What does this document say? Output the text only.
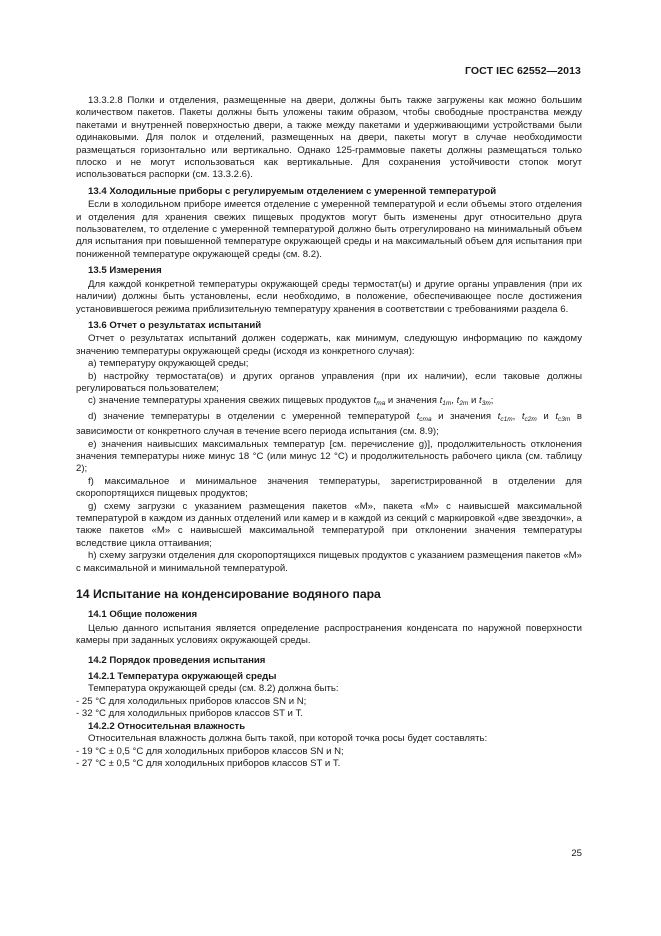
ГОСТ IEC 62552—2013

13.3.2.8 Полки и отделения, размещенные на двери, должны быть также загружены как можно большим количеством пакетов. Пакеты должны быть уложены таким образом, чтобы свободные пространства между пакетами и внутренней поверхностью двери, а также между пакетами и удерживающими устройствами были одинаковыми. Для полок и отделений, размещенных на двери, пакеты могут в случае необходимости размещаться горизонтально или вертикально. Однако 125-граммовые пакеты должны размещаться только плоско и не могут использоваться как вертикальные. Для сохранения устойчивости стопок могут использоваться распорки (см. 13.3.2.6).

13.4 Холодильные приборы с регулируемым отделением с умеренной температурой

Если в холодильном приборе имеется отделение с умеренной температурой и если объемы этого отделения и отделения для хранения свежих пищевых продуктов могут быть изменены друг относительно друга пользователем, то отделение с умеренной температурой должно быть отрегулировано на минимальный объем для испытания при повышенной температуре окружающей среды и на максимальный объем для испытания при пониженной температуре окружающей среды (см. 8.2).

13.5 Измерения

Для каждой конкретной температуры окружающей среды термостат(ы) и другие органы управления (при их наличии) должны быть установлены, если необходимо, в положение, обеспечивающее после достижения установившегося режима приблизительную температуру хранения в соответствии с требованиями раздела 6.

13.6 Отчет о результатах испытаний

Отчет о результатах испытаний должен содержать, как минимум, следующую информацию по каждому значению температуры окружающей среды (исходя из конкретного случая):

a) температуру окружающей среды;

b) настройку термостата(ов) и других органов управления (при их наличии), если таковые должны регулироваться пользователем;

c) значение температуры хранения свежих пищевых продуктов $t_{ma}$ и значения $t_{1m}$, $t_{2m}$ и $t_{3m}$;

d) значение температуры в отделении с умеренной температурой $t_{cma}$ и значения $t_{c1m}$, $t_{c2m}$ и $t_{c3m}$ в зависимости от конкретного случая в течение всего периода испытания (см. 8.9);

e) значения наивысших максимальных температур [см. перечисление g)], продолжительность отклонения значения температуры ниже минус 18 °С (или минус 12 °С) и продолжительность рабочего цикла (см. таблицу 2);

f) максимальное и минимальное значения температуры, зарегистрированной в отделении для скоропортящихся пищевых продуктов;

g) схему загрузки с указанием размещения пакетов «М», пакета «М» с наивысшей максимальной температурой в каждом из данных отделений или камер и в каждой из секций с маркировкой «две звездочки», а также пакетов «М» с наивысшей максимальной температурой при отклонении значения температуры вследствие цикла оттаивания;

h) схему загрузки отделения для скоропортящихся пищевых продуктов с указанием размещения пакетов «М» с максимальной и минимальной температурой.

14 Испытание на конденсирование водяного пара

14.1 Общие положения

Целью данного испытания является определение распространения конденсата по наружной поверхности камеры при заданных условиях окружающей среды.

14.2 Порядок проведения испытания

14.2.1 Температура окружающей среды

Температура окружающей среды (см. 8.2) должна быть:

- 25 °С для холодильных приборов классов SN и N;

- 32 °С для холодильных приборов классов ST и Т.

14.2.2 Относительная влажность

Относительная влажность должна быть такой, при которой точка росы будет составлять:

- 19 °С ± 0,5 °С для холодильных приборов классов SN и N;

- 27 °С ± 0,5 °С для холодильных приборов классов ST и Т.

25
